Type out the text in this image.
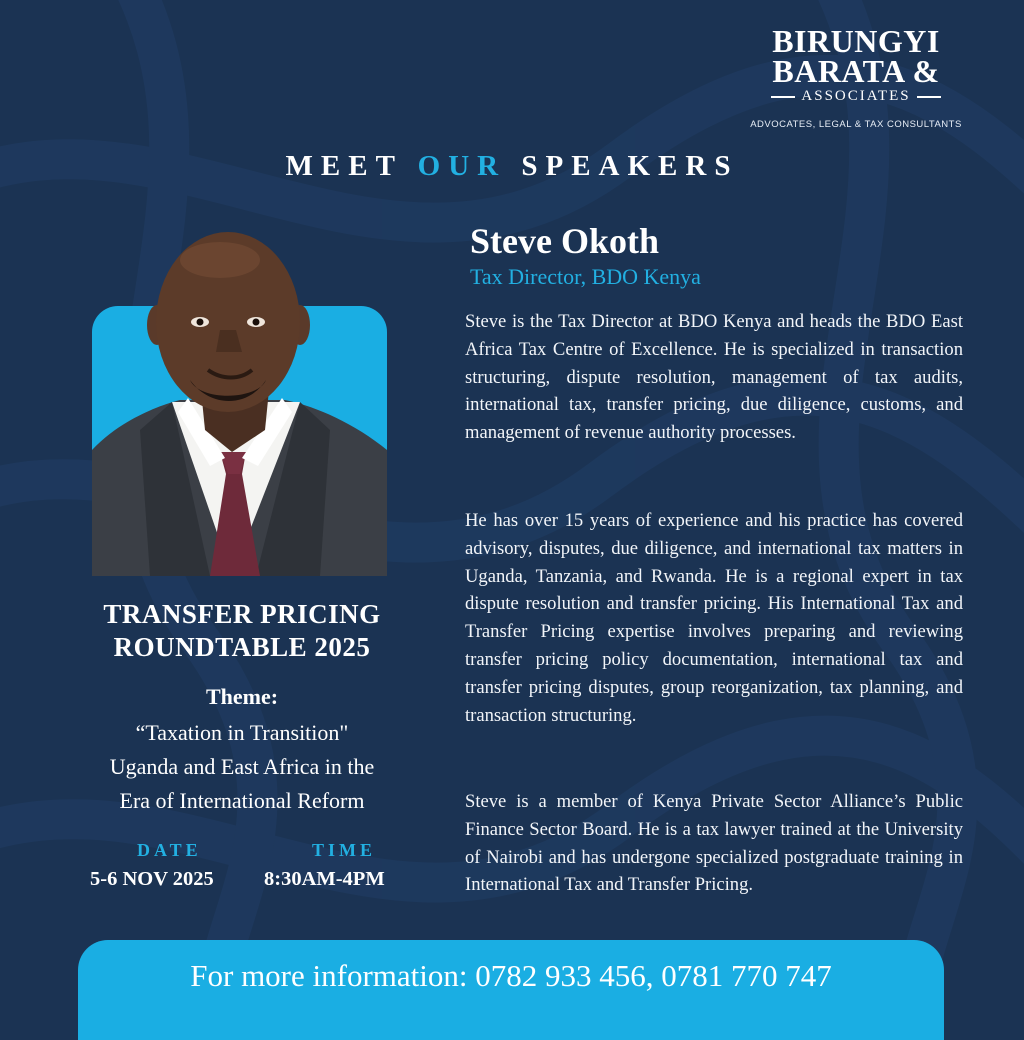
BIRUNGYI
BARATA &
ASSOCIATES
ADVOCATES, LEGAL & TAX CONSULTANTS
MEET OUR SPEAKERS
TRANSFER PRICING
ROUNDTABLE 2025
Theme:
“Taxation in Transition"
Uganda and East Africa in the
Era of International Reform
DATE
5-6 NOV 2025
TIME
8:30AM-4PM
Steve Okoth
Tax Director, BDO Kenya
Steve is the Tax Director at BDO Kenya and heads the BDO East Africa Tax Centre of Excellence. He is specialized in transaction structuring, dispute resolution, management of tax audits, international tax, transfer pricing, due diligence, customs, and management of revenue authority processes.
He has over 15 years of experience and his practice has covered advisory, disputes, due diligence, and international tax matters in Uganda, Tanzania, and Rwanda. He is a regional expert in tax dispute resolution and transfer pricing. His International Tax and Transfer Pricing expertise involves preparing and reviewing transfer pricing policy documentation, international tax and transfer pricing disputes, group reorganization, tax planning, and transaction structuring.
Steve is a member of Kenya Private Sector Alliance’s Public Finance Sector Board. He is a tax lawyer trained at the University of Nairobi and has undergone specialized postgraduate training in International Tax and Transfer Pricing.
For more information: 0782 933 456, 0781 770 747
